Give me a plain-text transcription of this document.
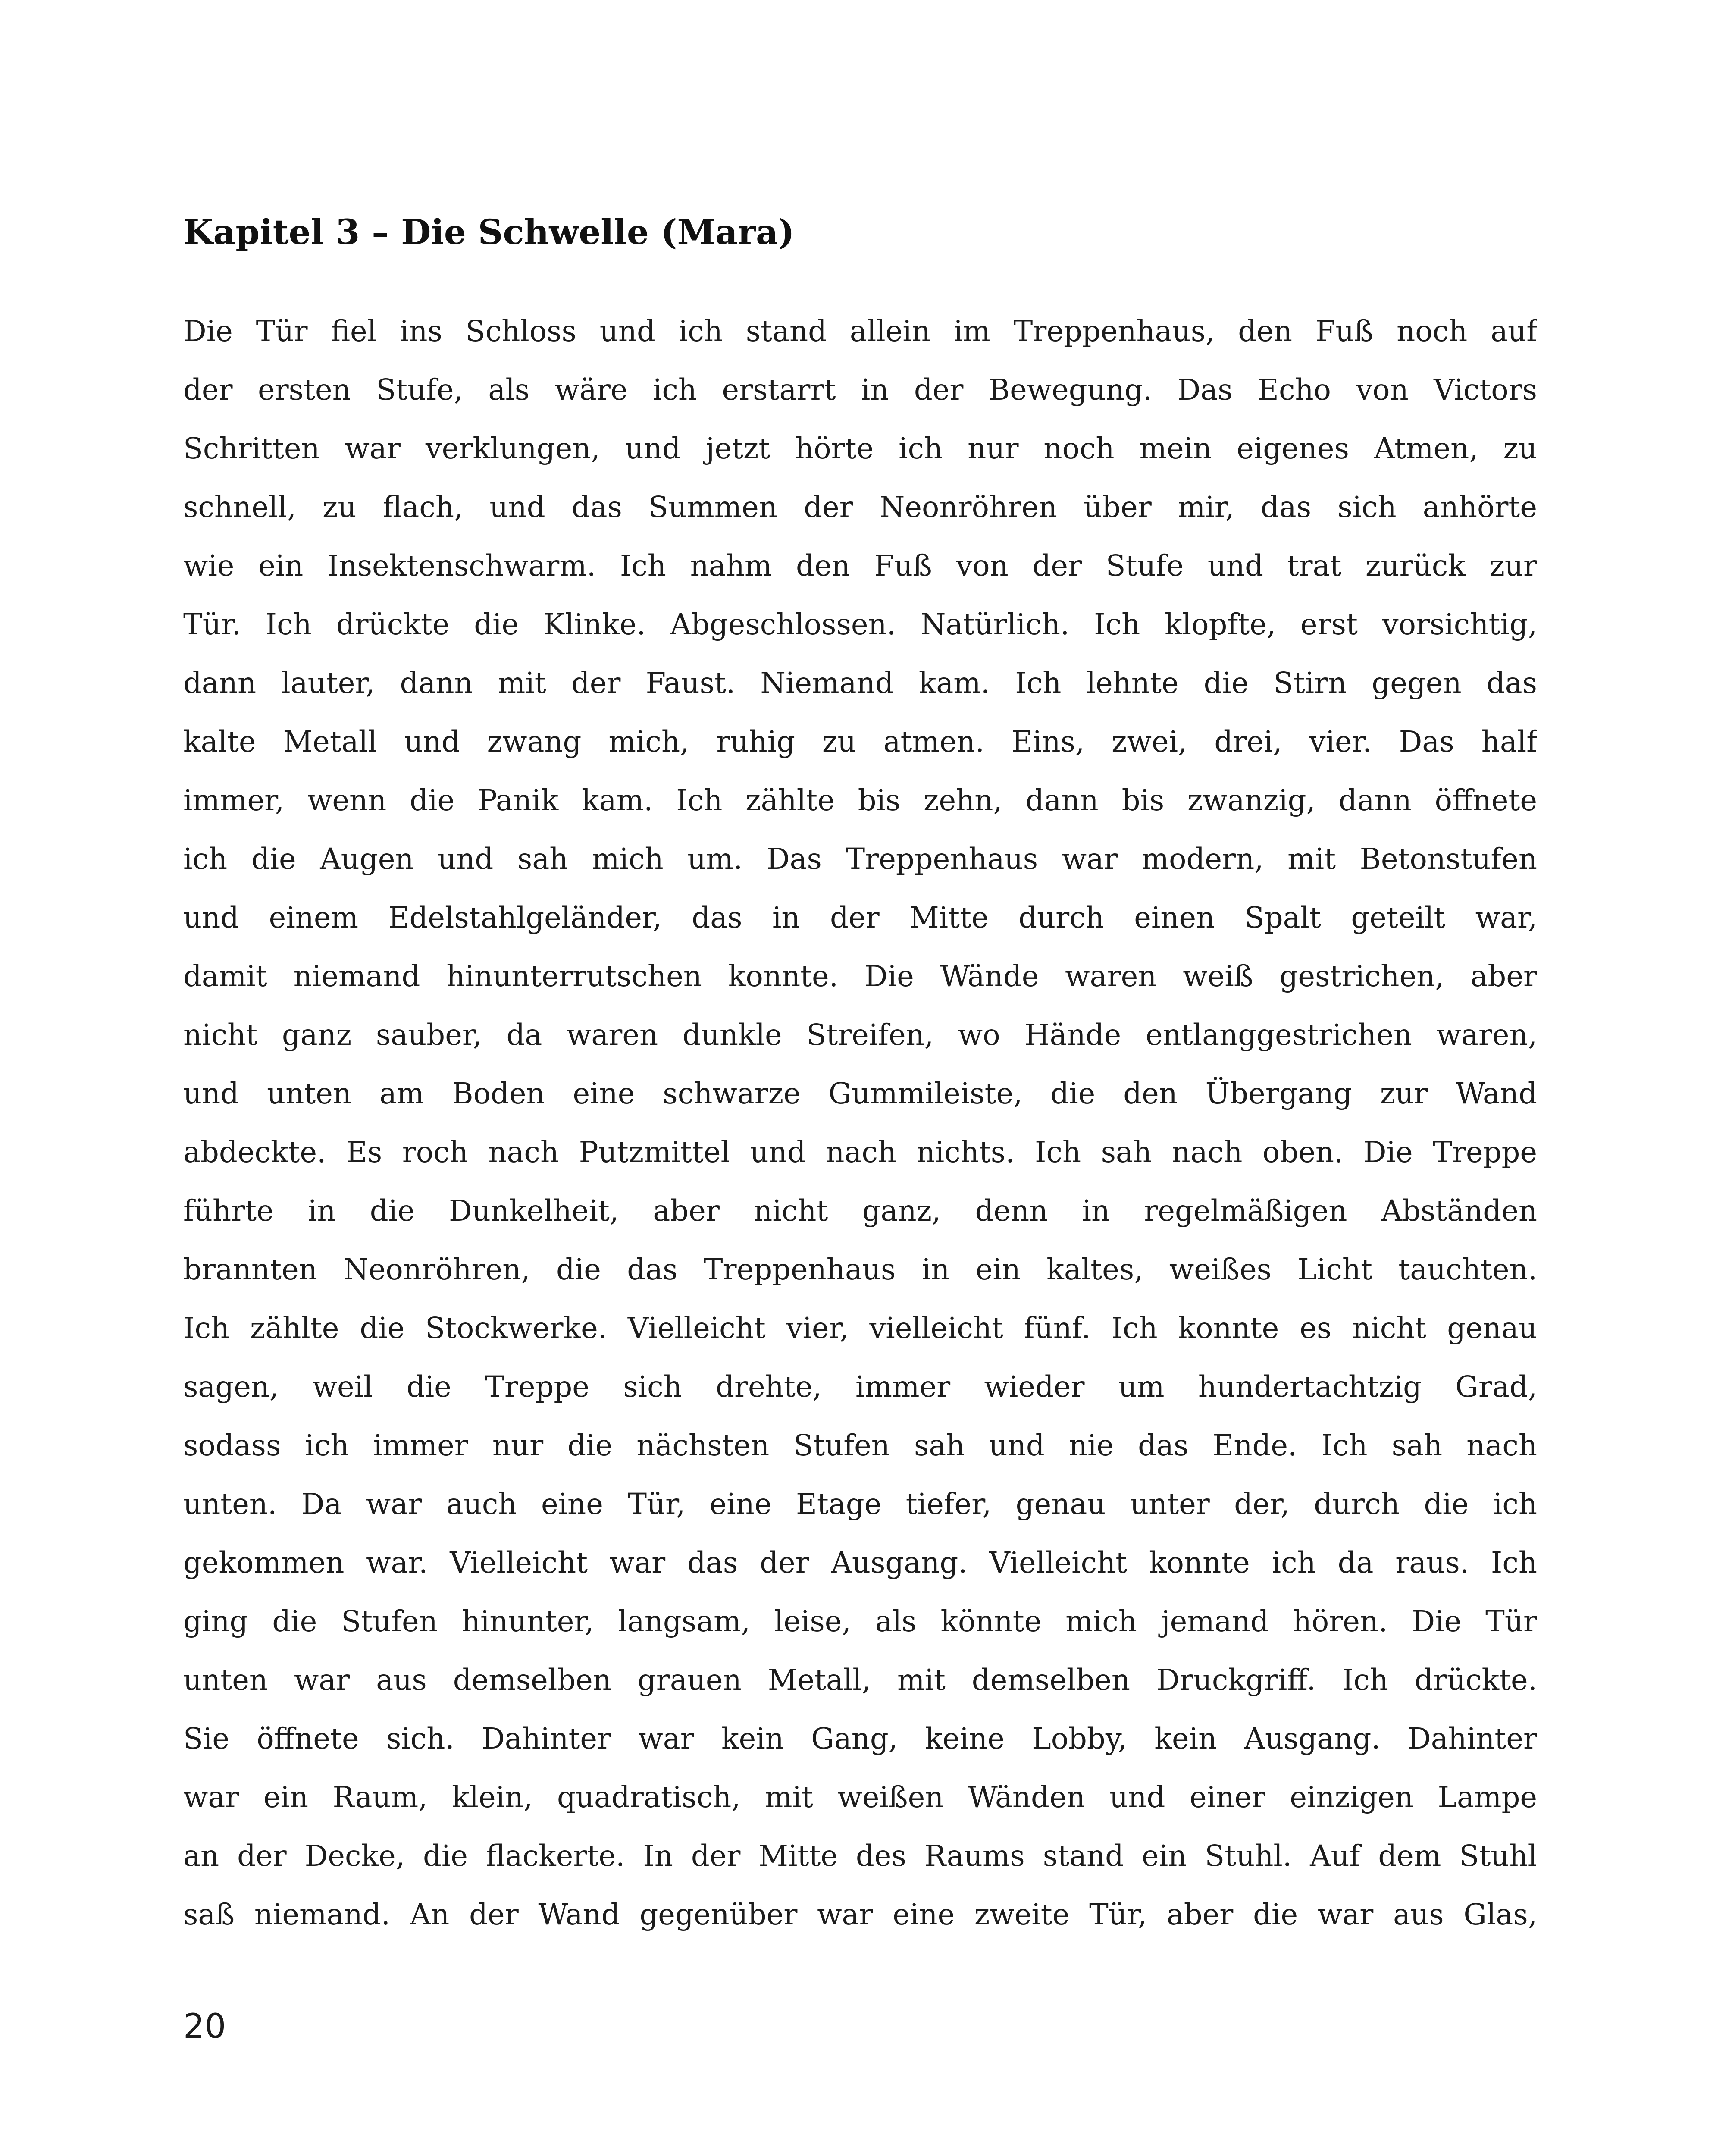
Kapitel 3 – Die Schwelle (Mara)
Die Tür fiel ins Schloss und ich stand allein im Treppenhaus, den Fuß noch auf
der ersten Stufe, als wäre ich erstarrt in der Bewegung. Das Echo von Victors
Schritten war verklungen, und jetzt hörte ich nur noch mein eigenes Atmen, zu
schnell, zu flach, und das Summen der Neonröhren über mir, das sich anhörte
wie ein Insektenschwarm. Ich nahm den Fuß von der Stufe und trat zurück zur
Tür. Ich drückte die Klinke. Abgeschlossen. Natürlich. Ich klopfte, erst vorsichtig,
dann lauter, dann mit der Faust. Niemand kam. Ich lehnte die Stirn gegen das
kalte Metall und zwang mich, ruhig zu atmen. Eins, zwei, drei, vier. Das half
immer, wenn die Panik kam. Ich zählte bis zehn, dann bis zwanzig, dann öffnete
ich die Augen und sah mich um. Das Treppenhaus war modern, mit Betonstufen
und einem Edelstahlgeländer, das in der Mitte durch einen Spalt geteilt war,
damit niemand hinunterrutschen konnte. Die Wände waren weiß gestrichen, aber
nicht ganz sauber, da waren dunkle Streifen, wo Hände entlanggestrichen waren,
und unten am Boden eine schwarze Gummileiste, die den Übergang zur Wand
abdeckte. Es roch nach Putzmittel und nach nichts. Ich sah nach oben. Die Treppe
führte in die Dunkelheit, aber nicht ganz, denn in regelmäßigen Abständen
brannten Neonröhren, die das Treppenhaus in ein kaltes, weißes Licht tauchten.
Ich zählte die Stockwerke. Vielleicht vier, vielleicht fünf. Ich konnte es nicht genau
sagen, weil die Treppe sich drehte, immer wieder um hundertachtzig Grad,
sodass ich immer nur die nächsten Stufen sah und nie das Ende. Ich sah nach
unten. Da war auch eine Tür, eine Etage tiefer, genau unter der, durch die ich
gekommen war. Vielleicht war das der Ausgang. Vielleicht konnte ich da raus. Ich
ging die Stufen hinunter, langsam, leise, als könnte mich jemand hören. Die Tür
unten war aus demselben grauen Metall, mit demselben Druckgriff. Ich drückte.
Sie öffnete sich. Dahinter war kein Gang, keine Lobby, kein Ausgang. Dahinter
war ein Raum, klein, quadratisch, mit weißen Wänden und einer einzigen Lampe
an der Decke, die flackerte. In der Mitte des Raums stand ein Stuhl. Auf dem Stuhl
saß niemand. An der Wand gegenüber war eine zweite Tür, aber die war aus Glas,
20
